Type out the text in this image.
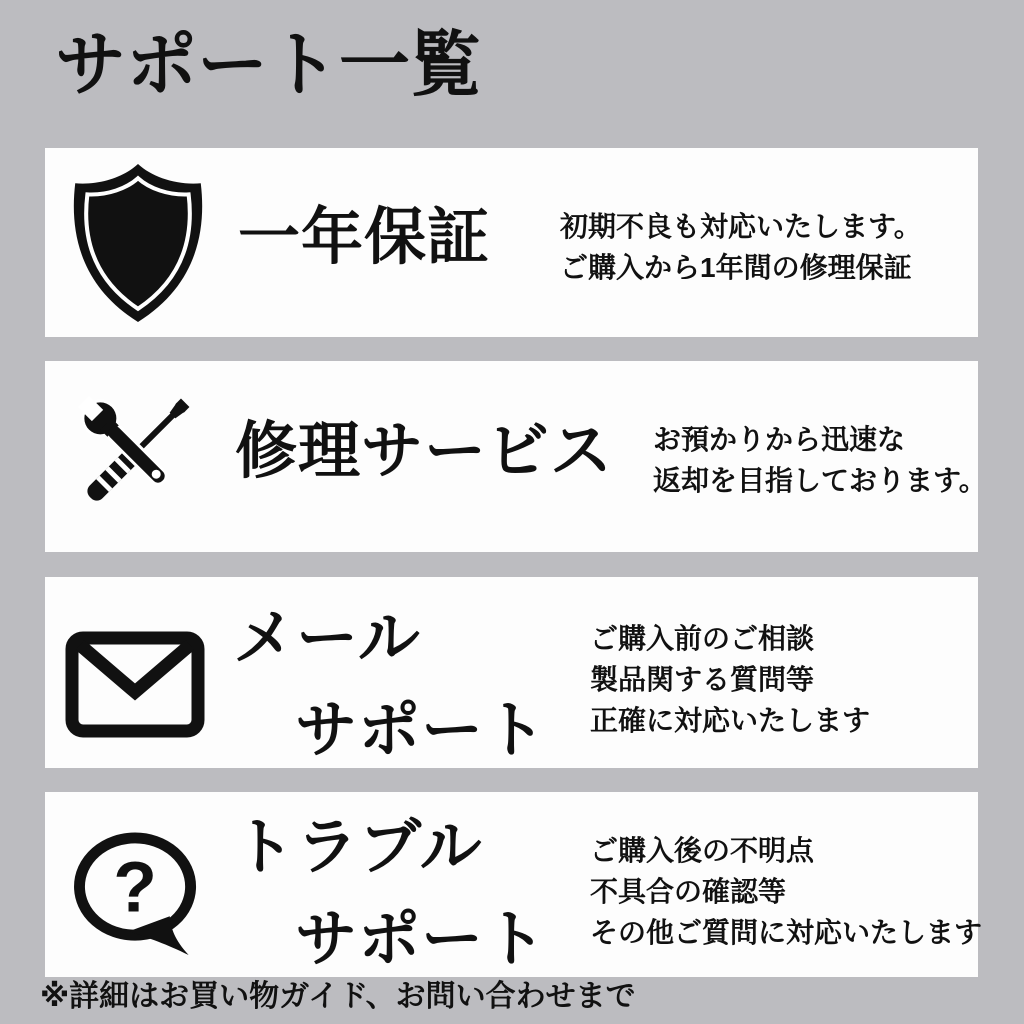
サポート一覧
一年保証 初期不良も対応いたします。
ご購入から1年間の修理保証
修理サービス お預かりから迅速な
返却を目指しております。
メール
サポート
ご購入前のご相談
製品関する質問等
正確に対応いたします
? トラブル
サポート
ご購入後の不明点
不具合の確認等
その他ご質問に対応いたします
※詳細はお買い物ガイド、お問い合わせまで
